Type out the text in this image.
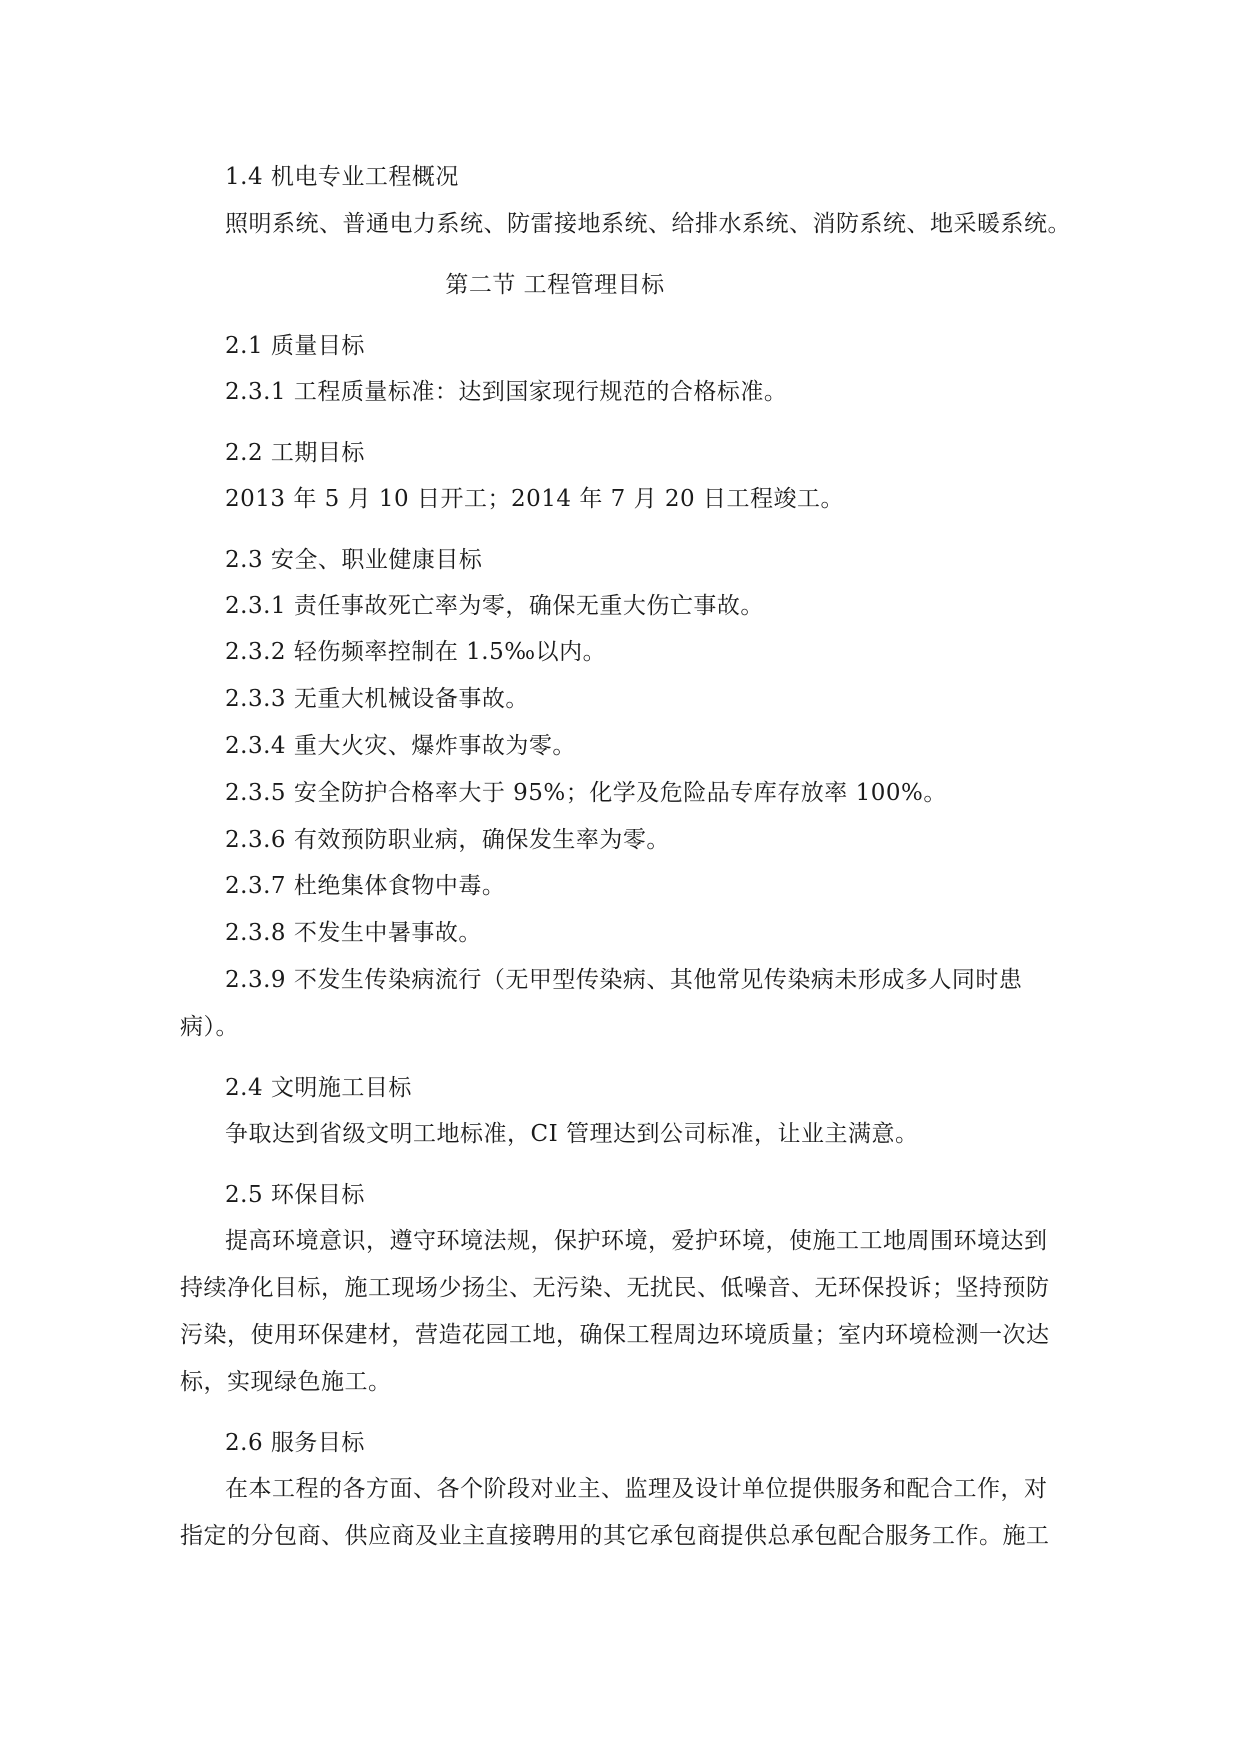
1.4 机电专业工程概况
照明系统、普通电力系统、防雷接地系统、给排水系统、消防系统、地采暖系统。
第二节 工程管理目标
2.1 质量目标
2.3.1 工程质量标准：达到国家现行规范的合格标准。
2.2 工期目标
2013 年 5 月 10 日开工；2014 年 7 月 20 日工程竣工。
2.3 安全、职业健康目标
2.3.1 责任事故死亡率为零，确保无重大伤亡事故。
2.3.2 轻伤频率控制在 1.5‰以内。
2.3.3 无重大机械设备事故。
2.3.4 重大火灾、爆炸事故为零。
2.3.5 安全防护合格率大于 95%；化学及危险品专库存放率 100%。
2.3.6 有效预防职业病，确保发生率为零。
2.3.7 杜绝集体食物中毒。
2.3.8 不发生中暑事故。
2.3.9 不发生传染病流行（无甲型传染病、其他常见传染病未形成多人同时患
病）。
2.4 文明施工目标
争取达到省级文明工地标准，CI 管理达到公司标准，让业主满意。
2.5 环保目标
提高环境意识，遵守环境法规，保护环境，爱护环境，使施工工地周围环境达到
持续净化目标，施工现场少扬尘、无污染、无扰民、低噪音、无环保投诉；坚持预防
污染，使用环保建材，营造花园工地，确保工程周边环境质量；室内环境检测一次达
标，实现绿色施工。
2.6 服务目标
在本工程的各方面、各个阶段对业主、监理及设计单位提供服务和配合工作，对
指定的分包商、供应商及业主直接聘用的其它承包商提供总承包配合服务工作。施工
